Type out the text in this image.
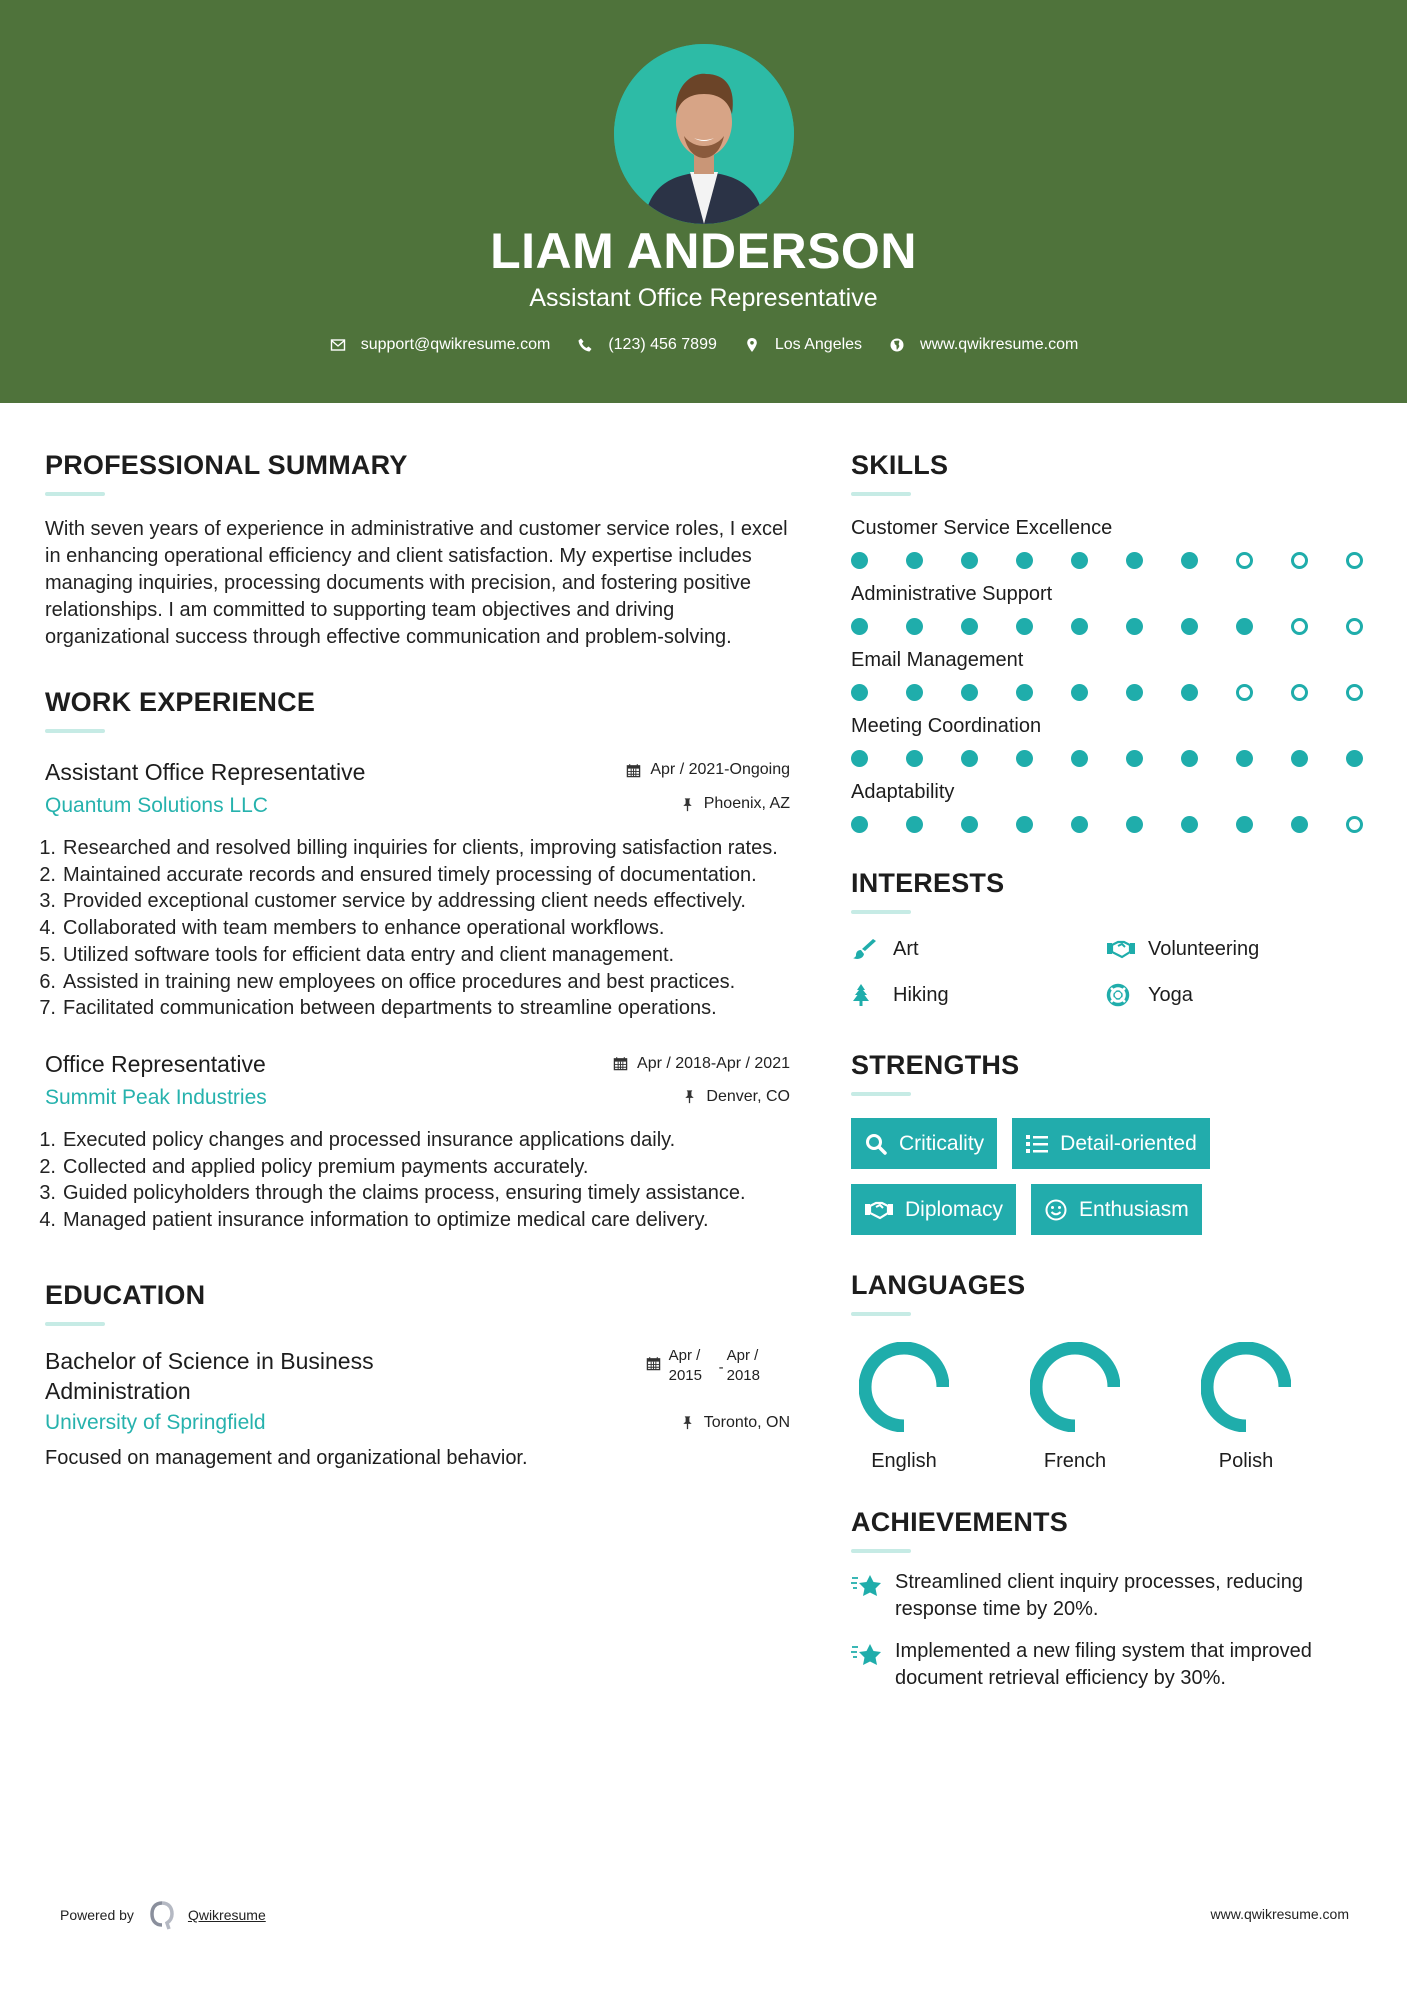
LIAM ANDERSON
Assistant Office Representative
support@qwikresume.com	(123) 456 7899	Los Angeles	www.qwikresume.com
PROFESSIONAL SUMMARY

With seven years of experience in administrative and customer service roles, I excel in enhancing operational efficiency and client satisfaction. My expertise includes managing inquiries, processing documents with precision, and fostering positive relationships. I am committed to supporting team objectives and driving organizational success through effective communication and problem-solving.

WORK EXPERIENCE
Assistant Office Representative	Apr / 2021-Ongoing
Quantum Solutions LLC	Phoenix, AZ
1. Researched and resolved billing inquiries for clients, improving satisfaction rates.
2. Maintained accurate records and ensured timely processing of documentation.
3. Provided exceptional customer service by addressing client needs effectively.
4. Collaborated with team members to enhance operational workflows.
5. Utilized software tools for efficient data entry and client management.
6. Assisted in training new employees on office procedures and best practices.
7. Facilitated communication between departments to streamline operations.
Office Representative	Apr / 2018-Apr / 2021
Summit Peak Industries	Denver, CO
1. Executed policy changes and processed insurance applications daily.
2. Collected and applied policy premium payments accurately.
3. Guided policyholders through the claims process, ensuring timely assistance.
4. Managed patient insurance information to optimize medical care delivery.
EDUCATION
Bachelor of Science in Business Administration
Apr /
2015	-
Apr /
2018
University of Springfield	Toronto, ON

Focused on management and organizational behavior.

SKILLS
Customer Service Excellence
Administrative Support
Email Management
Meeting Coordination
Adaptability
INTERESTS
Art	Volunteering
Hiking	Yoga
STRENGTHS
Criticality	Detail-oriented
Diplomacy	Enthusiasm
LANGUAGES
English	French	Polish
ACHIEVEMENTS
Streamlined client inquiry processes, reducing response time by 20%.
Implemented a new filing system that improved document retrieval efficiency by 30%.
Powered by	Qwikresume	www.qwikresume.com
